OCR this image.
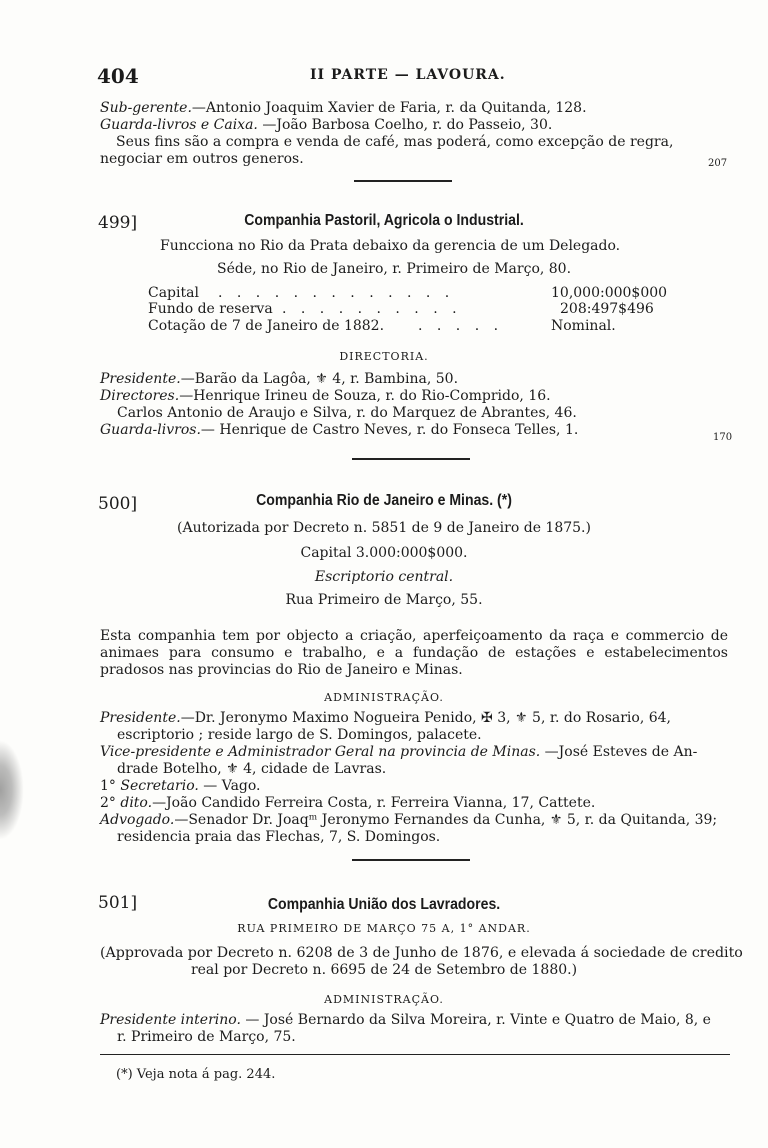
404	II PARTE — LAVOURA.
Sub-gerente.—Antonio Joaquim Xavier de Faria, r. da Quitanda, 128.
Guarda-livros e Caixa. —João Barbosa Coelho, r. do Passeio, 30.
Seus fins são a compra e venda de café, mas poderá, como excepção de regra,
negociar em outros generos.	207
499]	Companhia Pastoril, Agricola o Industrial.
Funcciona no Rio da Prata debaixo da gerencia de um Delegado.
Séde, no Rio de Janeiro, r. Primeiro de Março, 80.
Capital . . . . . . . . . . . . .	10,000:000$000
Fundo de reserva . . . . . . . . . .	208:497$496
Cotação de 7 de Janeiro de 1882. . . . . .	Nominal.
DIRECTORIA.
Presidente.—Barão da Lagôa, ⚜ 4, r. Bambina, 50.
Directores.—Henrique Irineu de Souza, r. do Rio-Comprido, 16.
Carlos Antonio de Araujo e Silva, r. do Marquez de Abrantes, 46.
Guarda-livros.— Henrique de Castro Neves, r. do Fonseca Telles, 1.	170
500]	Companhia Rio de Janeiro e Minas. (*)
(Autorizada por Decreto n. 5851 de 9 de Janeiro de 1875.)
Capital 3.000:000$000.
Escriptorio central.
Rua Primeiro de Março, 55.
Esta companhia tem por objecto a criação, aperfeiçoamento da raça e commercio de animaes para consumo e trabalho, e a fundação de estações e estabelecimentos pradosos nas provincias do Rio de Janeiro e Minas.
ADMINISTRAÇÃO.
Presidente.—Dr. Jeronymo Maximo Nogueira Penido, ✠ 3, ⚜ 5, r. do Rosario, 64,
escriptorio ; reside largo de S. Domingos, palacete.
Vice-presidente e Administrador Geral na provincia de Minas. —José Esteves de An-
drade Botelho, ⚜ 4, cidade de Lavras.
1° Secretario. — Vago.
2° dito.—João Candido Ferreira Costa, r. Ferreira Vianna, 17, Cattete.
Advogado.—Senador Dr. Joaqᵐ Jeronymo Fernandes da Cunha, ⚜ 5, r. da Quitanda, 39;
residencia praia das Flechas, 7, S. Domingos.
501]	Companhia União dos Lavradores.
RUA PRIMEIRO DE MARÇO 75 A, 1° ANDAR.
(Approvada por Decreto n. 6208 de 3 de Junho de 1876, e elevada á sociedade de credito
real por Decreto n. 6695 de 24 de Setembro de 1880.)
ADMINISTRAÇÃO.
Presidente interino. — José Bernardo da Silva Moreira, r. Vinte e Quatro de Maio, 8, e
r. Primeiro de Março, 75.
(*) Veja nota á pag. 244.
